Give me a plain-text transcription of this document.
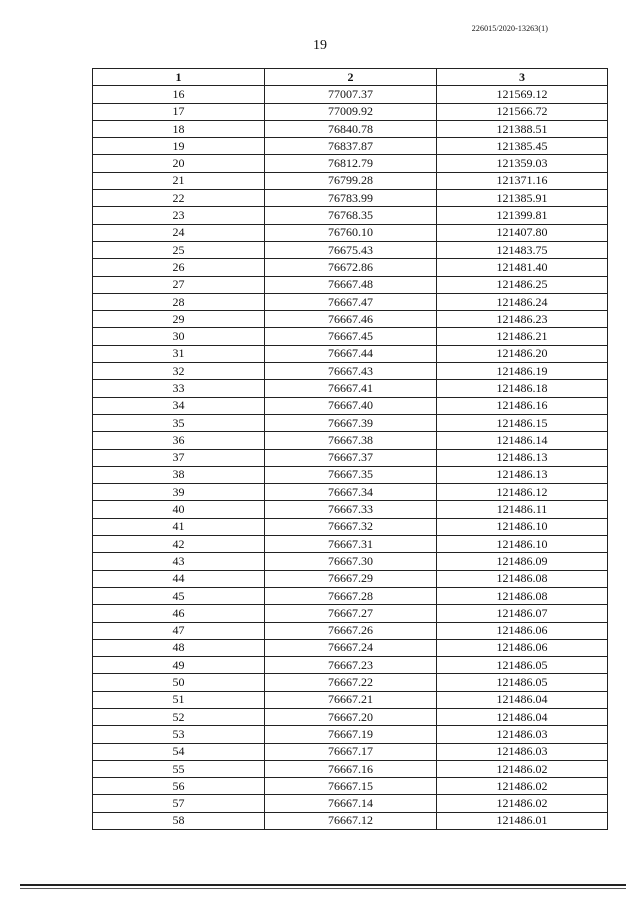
226015/2020-13263(1)
19
1	2	3
16	77007.37	121569.12
17	77009.92	121566.72
18	76840.78	121388.51
19	76837.87	121385.45
20	76812.79	121359.03
21	76799.28	121371.16
22	76783.99	121385.91
23	76768.35	121399.81
24	76760.10	121407.80
25	76675.43	121483.75
26	76672.86	121481.40
27	76667.48	121486.25
28	76667.47	121486.24
29	76667.46	121486.23
30	76667.45	121486.21
31	76667.44	121486.20
32	76667.43	121486.19
33	76667.41	121486.18
34	76667.40	121486.16
35	76667.39	121486.15
36	76667.38	121486.14
37	76667.37	121486.13
38	76667.35	121486.13
39	76667.34	121486.12
40	76667.33	121486.11
41	76667.32	121486.10
42	76667.31	121486.10
43	76667.30	121486.09
44	76667.29	121486.08
45	76667.28	121486.08
46	76667.27	121486.07
47	76667.26	121486.06
48	76667.24	121486.06
49	76667.23	121486.05
50	76667.22	121486.05
51	76667.21	121486.04
52	76667.20	121486.04
53	76667.19	121486.03
54	76667.17	121486.03
55	76667.16	121486.02
56	76667.15	121486.02
57	76667.14	121486.02
58	76667.12	121486.01
